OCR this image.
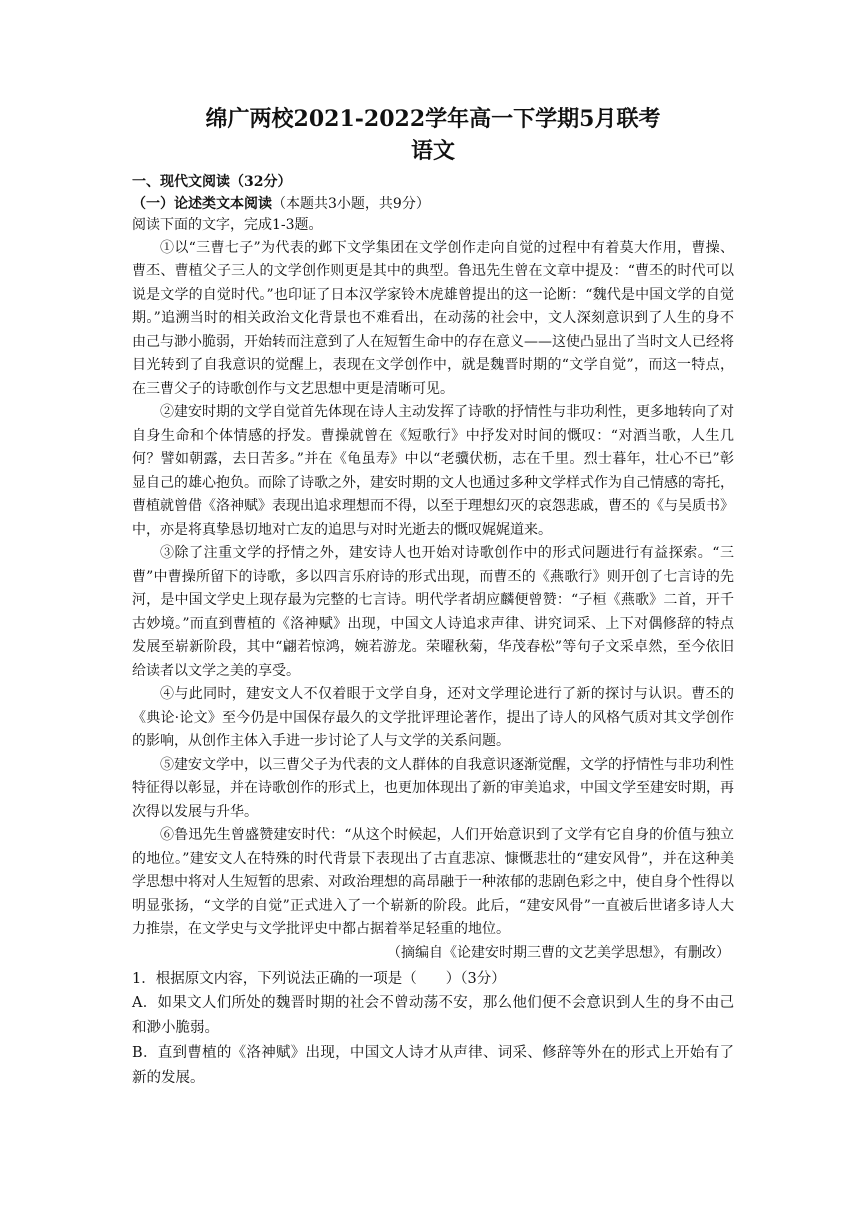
绵广两校2021-2022学年高一下学期5月联考
语文

一、现代文阅读（32分）

（一）论述类文本阅读（本题共3小题，共9分）

阅读下面的文字，完成1-3题。

①以“三曹七子”为代表的邺下文学集团在文学创作走向自觉的过程中有着莫大作用，曹操、曹丕、曹植父子三人的文学创作则更是其中的典型。鲁迅先生曾在文章中提及：“曹丕的时代可以说是文学的自觉时代。”也印证了日本汉学家铃木虎雄曾提出的这一论断：“魏代是中国文学的自觉期。”追溯当时的相关政治文化背景也不难看出，在动荡的社会中，文人深刻意识到了人生的身不由己与渺小脆弱，开始转而注意到了人在短暂生命中的存在意义——这使凸显出了当时文人已经将目光转到了自我意识的觉醒上，表现在文学创作中，就是魏晋时期的“文学自觉”，而这一特点，在三曹父子的诗歌创作与文艺思想中更是清晰可见。

②建安时期的文学自觉首先体现在诗人主动发挥了诗歌的抒情性与非功利性，更多地转向了对自身生命和个体情感的抒发。曹操就曾在《短歌行》中抒发对时间的慨叹：“对酒当歌，人生几何？譬如朝露，去日苦多。”并在《龟虽寿》中以“老骥伏枥，志在千里。烈士暮年，壮心不已”彰显自己的雄心抱负。而除了诗歌之外，建安时期的文人也通过多种文学样式作为自己情感的寄托，曹植就曾借《洛神赋》表现出追求理想而不得，以至于理想幻灭的哀怨悲戚，曹丕的《与吴质书》中，亦是将真挚恳切地对亡友的追思与对时光逝去的慨叹娓娓道来。

③除了注重文学的抒情之外，建安诗人也开始对诗歌创作中的形式问题进行有益探索。“三曹”中曹操所留下的诗歌，多以四言乐府诗的形式出现，而曹丕的《燕歌行》则开创了七言诗的先河，是中国文学史上现存最为完整的七言诗。明代学者胡应麟便曾赞：“子桓《燕歌》二首，开千古妙境。”而直到曹植的《洛神赋》出现，中国文人诗追求声律、讲究词采、上下对偶修辞的特点发展至崭新阶段，其中“翩若惊鸿，婉若游龙。荣曜秋菊，华茂春松”等句子文采卓然，至今依旧给读者以文学之美的享受。

④与此同时，建安文人不仅着眼于文学自身，还对文学理论进行了新的探讨与认识。曹丕的《典论·论文》至今仍是中国保存最久的文学批评理论著作，提出了诗人的风格气质对其文学创作的影响，从创作主体入手进一步讨论了人与文学的关系问题。

⑤建安文学中，以三曹父子为代表的文人群体的自我意识逐渐觉醒，文学的抒情性与非功利性特征得以彰显，并在诗歌创作的形式上，也更加体现出了新的审美追求，中国文学至建安时期，再次得以发展与升华。

⑥鲁迅先生曾盛赞建安时代：“从这个时候起，人们开始意识到了文学有它自身的价值与独立的地位。”建安文人在特殊的时代背景下表现出了古直悲凉、慷慨悲壮的“建安风骨”，并在这种美学思想中将对人生短暂的思索、对政治理想的高昂融于一种浓郁的悲剧色彩之中，使自身个性得以明显张扬，“文学的自觉”正式进入了一个崭新的阶段。此后，“建安风骨”一直被后世诸多诗人大力推崇，在文学史与文学批评史中都占据着举足轻重的地位。

（摘编自《论建安时期三曹的文艺美学思想》，有删改）

1．根据原文内容，下列说法正确的一项是（　　）（3分）

A．如果文人们所处的魏晋时期的社会不曾动荡不安，那么他们便不会意识到人生的身不由己和渺小脆弱。

B．直到曹植的《洛神赋》出现，中国文人诗才从声律、词采、修辞等外在的形式上开始有了新的发展。
